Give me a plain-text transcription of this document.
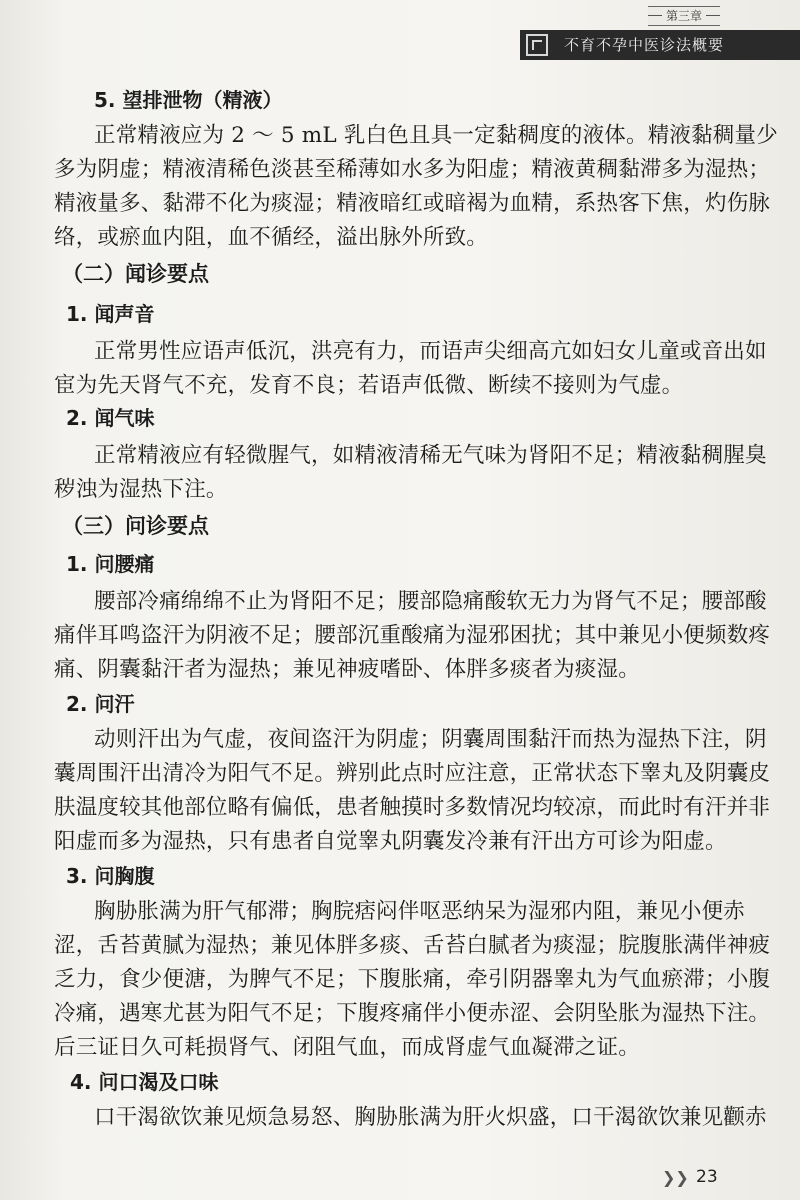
第三章
不育不孕中医诊法概要
5. 望排泄物（精液）
正常精液应为 2 ～ 5 mL 乳白色且具一定黏稠度的液体。精液黏稠量少
多为阴虚；精液清稀色淡甚至稀薄如水多为阳虚；精液黄稠黏滞多为湿热；
精液量多、黏滞不化为痰湿；精液暗红或暗褐为血精，系热客下焦，灼伤脉
络，或瘀血内阻，血不循经，溢出脉外所致。
（二）闻诊要点
1. 闻声音
正常男性应语声低沉，洪亮有力，而语声尖细高亢如妇女儿童或音出如
宦为先天肾气不充，发育不良；若语声低微、断续不接则为气虚。
2. 闻气味
正常精液应有轻微腥气，如精液清稀无气味为肾阳不足；精液黏稠腥臭
秽浊为湿热下注。
（三）问诊要点
1. 问腰痛
腰部冷痛绵绵不止为肾阳不足；腰部隐痛酸软无力为肾气不足；腰部酸
痛伴耳鸣盗汗为阴液不足；腰部沉重酸痛为湿邪困扰；其中兼见小便频数疼
痛、阴囊黏汗者为湿热；兼见神疲嗜卧、体胖多痰者为痰湿。
2. 问汗
动则汗出为气虚，夜间盗汗为阴虚；阴囊周围黏汗而热为湿热下注，阴
囊周围汗出清冷为阳气不足。辨别此点时应注意，正常状态下睾丸及阴囊皮
肤温度较其他部位略有偏低，患者触摸时多数情况均较凉，而此时有汗并非
阳虚而多为湿热，只有患者自觉睾丸阴囊发冷兼有汗出方可诊为阳虚。
3. 问胸腹
胸胁胀满为肝气郁滞；胸脘痞闷伴呕恶纳呆为湿邪内阻，兼见小便赤
涩，舌苔黄腻为湿热；兼见体胖多痰、舌苔白腻者为痰湿；脘腹胀满伴神疲
乏力，食少便溏，为脾气不足；下腹胀痛，牵引阴器睾丸为气血瘀滞；小腹
冷痛，遇寒尤甚为阳气不足；下腹疼痛伴小便赤涩、会阴坠胀为湿热下注。
后三证日久可耗损肾气、闭阻气血，而成肾虚气血凝滞之证。
4. 问口渴及口味
口干渴欲饮兼见烦急易怒、胸胁胀满为肝火炽盛，口干渴欲饮兼见颧赤
❯❯ 23
